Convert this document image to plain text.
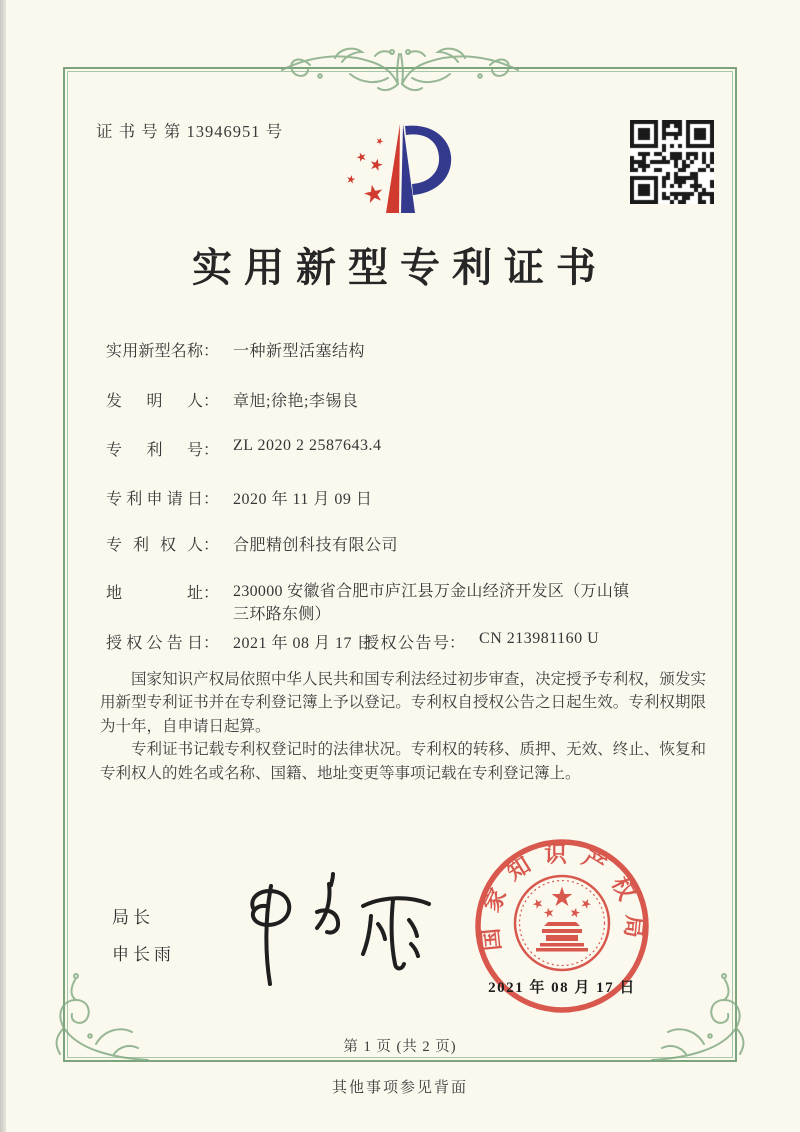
证 书 号 第 13946951 号
★
★
★
★
★
实用新型专利证书
实用新型名称： 一种新型活塞结构
发明人： 章旭;徐艳;李锡良
专利号： ZL 2020 2 2587643.4
专利申请日： 2020 年 11 月 09 日
专利权人： 合肥精创科技有限公司
地址： 230000 安徽省合肥市庐江县万金山经济开发区（万山镇三环路东侧）
授权公告日： 2021 年 08 月 17 日
授权公告号： CN 213981160 U

国家知识产权局依照中华人民共和国专利法经过初步审查，决定授予专利权，颁发实用新型专利证书并在专利登记簿上予以登记。专利权自授权公告之日起生效。专利权期限为十年，自申请日起算。

专利证书记载专利权登记时的法律状况。专利权的转移、质押、无效、终止、恢复和专利权人的姓名或名称、国籍、地址变更等事项记载在专利登记簿上。

局长
申长雨
国家知识产权局
★
★
★ ★
★
2021 年 08 月 17 日
第 1 页 (共 2 页)
其他事项参见背面
